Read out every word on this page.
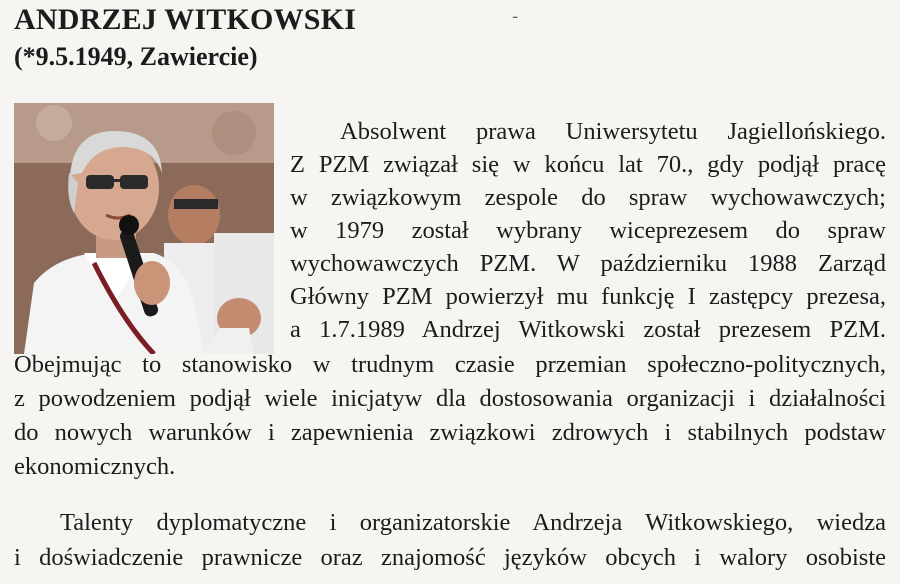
-
ANDRZEJ WITKOWSKI
(*9.5.1949, Zawiercie)
Absolwent prawa Uniwersytetu Jagiellońskiego.
Z PZM związał się w końcu lat 70., gdy podjął pracę
w związkowym zespole do spraw wychowawczych;
w 1979 został wybrany wiceprezesem do spraw
wychowawczych PZM. W październiku 1988 Zarząd
Główny PZM powierzył mu funkcję I zastępcy prezesa,
a 1.7.1989 Andrzej Witkowski został prezesem PZM.
Obejmując to stanowisko w trudnym czasie przemian społeczno-politycznych,
z powodzeniem podjął wiele inicjatyw dla dostosowania organizacji i działalności
do nowych warunków i zapewnienia związkowi zdrowych i stabilnych podstaw
ekonomicznych.
Talenty dyplomatyczne i organizatorskie Andrzeja Witkowskiego, wiedza
i doświadczenie prawnicze oraz znajomość języków obcych i walory osobiste
